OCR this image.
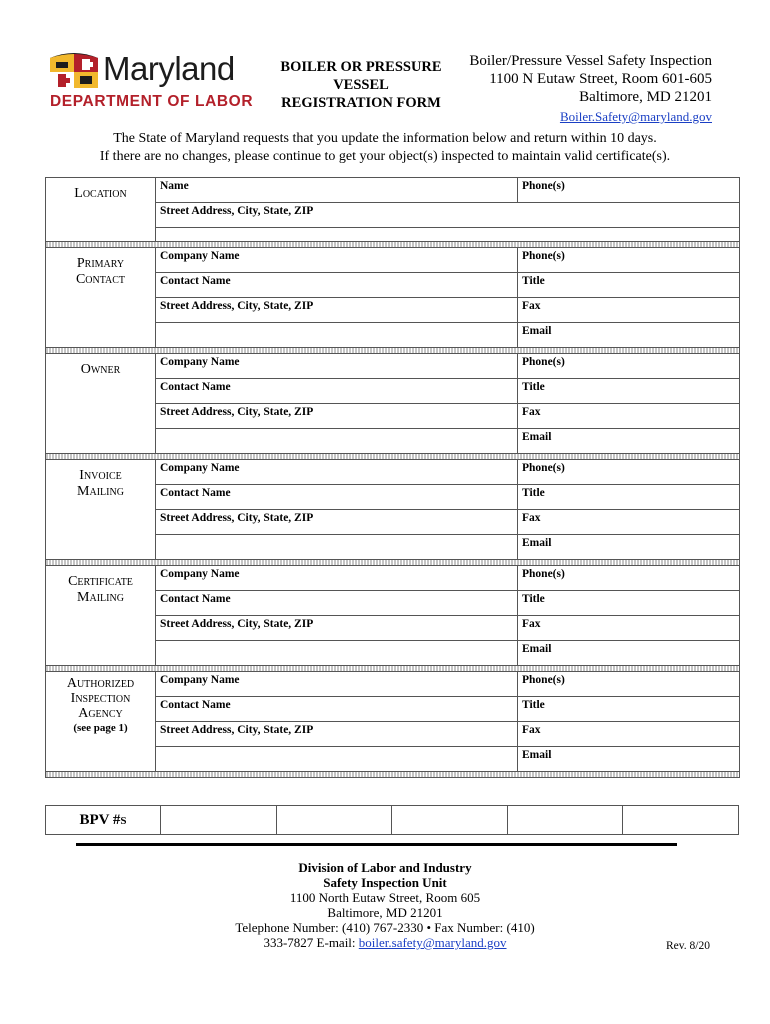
Maryland
DEPARTMENT OF LABOR
BOILER OR PRESSURE
VESSEL
REGISTRATION FORM
Boiler/Pressure Vessel Safety Inspection
1100 N Eutaw Street, Room 601-605
Baltimore, MD 21201
Boiler.Safety@maryland.gov
The State of Maryland requests that you update the information below and return within 10 days.
If there are no changes, please continue to get your object(s) inspected to maintain valid certificate(s).
Location	Name	Phone(s)
	Street Address, City, State, ZIP	

Primary
Contact	Company Name	Phone(s)
	Contact Name	Title
	Street Address, City, State, ZIP	Fax
		Email

Owner	Company Name	Phone(s)
	Contact Name	Title
	Street Address, City, State, ZIP	Fax
		Email

Invoice
Mailing	Company Name	Phone(s)
	Contact Name	Title
	Street Address, City, State, ZIP	Fax
		Email

Certificate
Mailing	Company Name	Phone(s)
	Contact Name	Title
	Street Address, City, State, ZIP	Fax
		Email

Authorized
Inspection
Agency
(see page 1)	Company Name	Phone(s)
	Contact Name	Title
	Street Address, City, State, ZIP	Fax
		Email

BPV #s					
Division of Labor and Industry
Safety Inspection Unit
1100 North Eutaw Street, Room 605
Baltimore, MD 21201
Telephone Number: (410) 767-2330 • Fax Number: (410)
333-7827 E-mail: boiler.safety@maryland.gov	Rev. 8/20
